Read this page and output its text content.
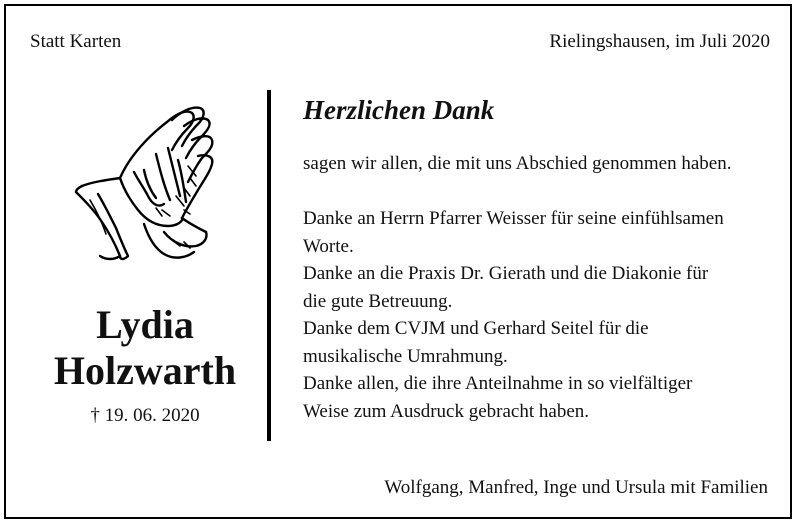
Statt Karten	Rielingshausen, im Juli 2020
Lydia
Holzwarth
† 19. 06. 2020
Herzlichen Dank
sagen wir allen, die mit uns Abschied genommen haben.
Danke an Herrn Pfarrer Weisser für seine einfühlsamen
Worte.
Danke an die Praxis Dr. Gierath und die Diakonie für
die gute Betreuung.
Danke dem CVJM und Gerhard Seitel für die
musikalische Umrahmung.
Danke allen, die ihre Anteilnahme in so vielfältiger
Weise zum Ausdruck gebracht haben.
Wolfgang, Manfred, Inge und Ursula mit Familien
